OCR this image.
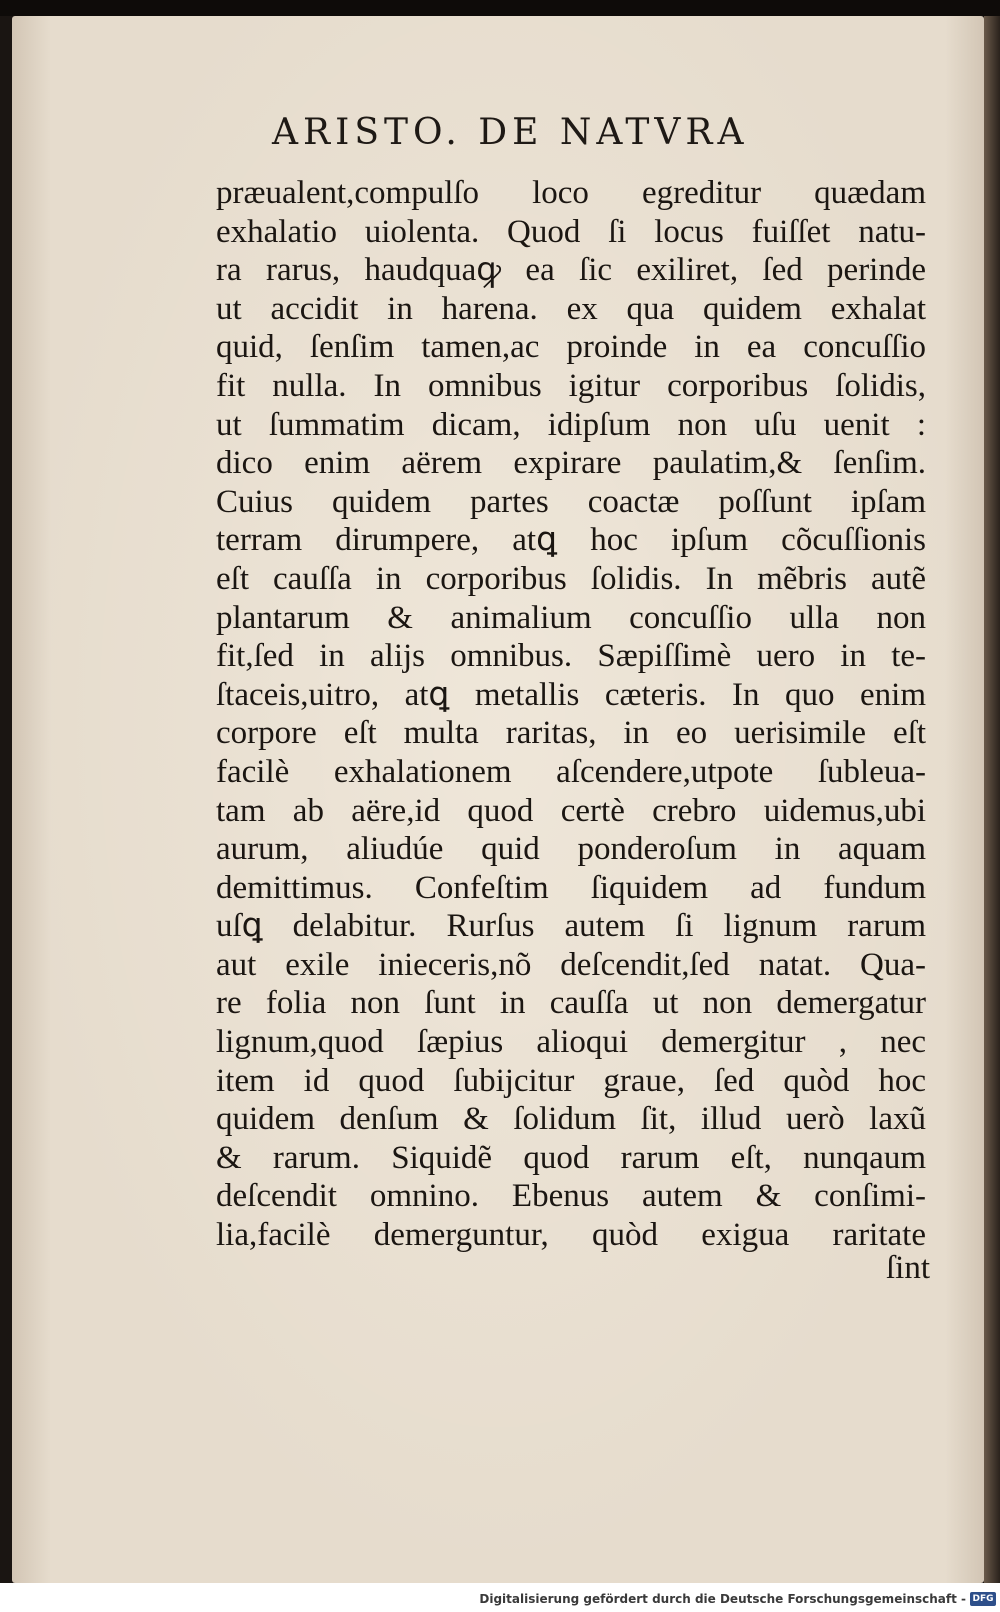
ARISTO. DE NATVRA
præualent,compulſo loco egreditur quædam
exhalatio uiolenta. Quod ſi locus fuiſſet natu-
ra rarus, haudquaꝙ ea ſic exiliret, ſed perinde
ut accidit in harena. ex qua quidem exhalat
quid, ſenſim tamen,ac proinde in ea concuſſio
fit nulla. In omnibus igitur corporibus ſolidis,
ut ſummatim dicam, idipſum non uſu uenit :
dico enim aërem expirare paulatim,& ſenſim.
Cuius quidem partes coactæ poſſunt ipſam
terram dirumpere, atꝗ hoc ipſum cõcuſſionis
eſt cauſſa in corporibus ſolidis. In mẽbris autẽ
plantarum & animalium concuſſio ulla non
fit,ſed in alijs omnibus. Sæpiſſimè uero in te-
ſtaceis,uitro, atꝗ metallis cæteris. In quo enim
corpore eſt multa raritas, in eo uerisimile eſt
facilè exhalationem aſcendere,utpote ſubleua-
tam ab aëre,id quod certè crebro uidemus,ubi
aurum, aliudúe quid ponderoſum in aquam
demittimus. Confeſtim ſiquidem ad fundum
uſꝗ delabitur. Rurſus autem ſi lignum rarum
aut exile inieceris,nõ deſcendit,ſed natat. Qua-
re folia non ſunt in cauſſa ut non demergatur
lignum,quod ſæpius alioqui demergitur , nec
item id quod ſubijcitur graue, ſed quòd hoc
quidem denſum & ſolidum ſit, illud uerò laxũ
& rarum. Siquidẽ quod rarum eſt, nunqaum
deſcendit omnino. Ebenus autem & conſimi-
lia,facilè demerguntur, quòd exigua raritate
ſint
Digitalisierung gefördert durch die Deutsche Forschungsgemeinschaft - DFG
